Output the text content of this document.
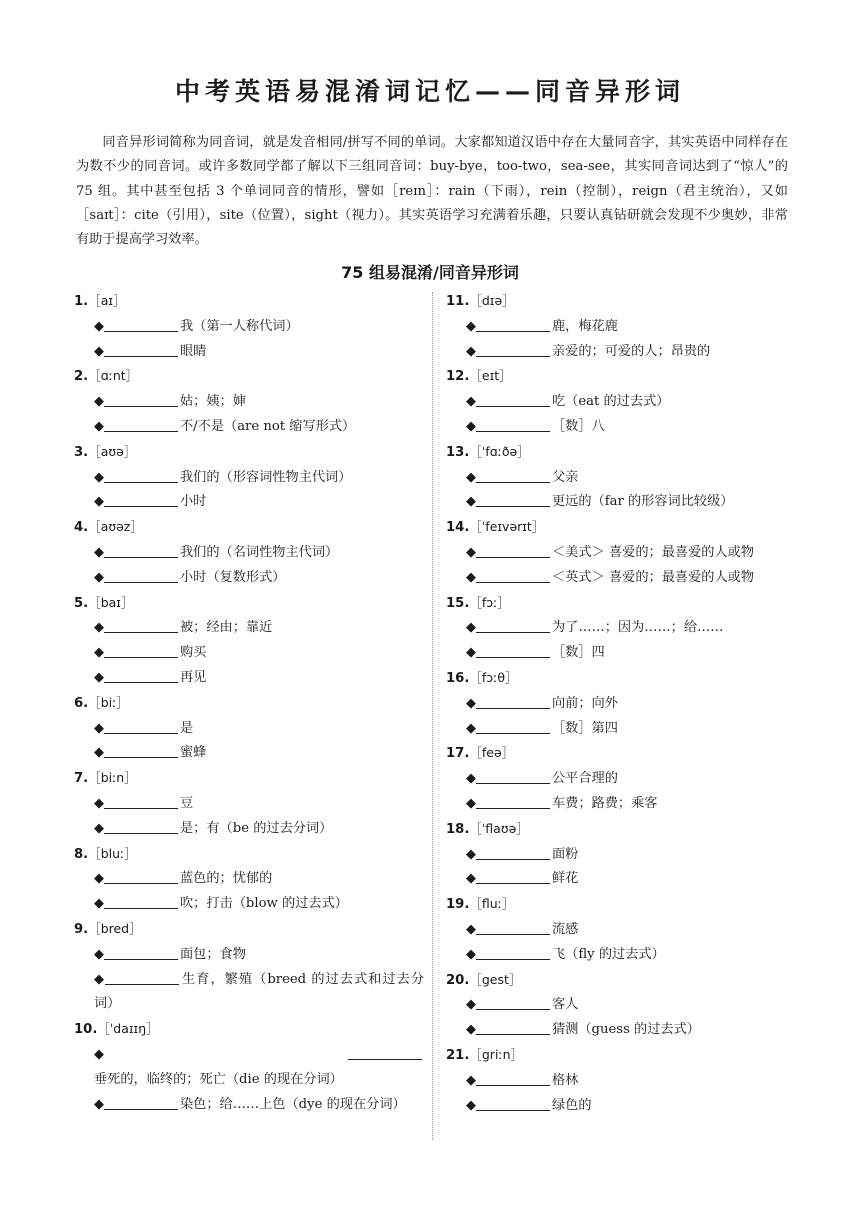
中考英语易混淆词记忆——同音异形词
同音异形词简称为同音词，就是发音相同/拼写不同的单词。大家都知道汉语中存在大量同音字，其实英语中同样存在为数不少的同音词。或许多数同学都了解以下三组同音词：buy-bye，too-two，sea-see，其实同音词达到了“惊人”的 75 组。其中甚至包括 3 个单词同音的情形，譬如［reɪn］：rain（下雨），rein（控制），reign（君主统治），又如［saɪt］：cite（引用），site（位置），sight（视力）。其实英语学习充满着乐趣，只要认真钻研就会发现不少奥妙，非常有助于提高学习效率。
75 组易混淆/同音异形词
1.［aɪ］
◆	我（第一人称代词）
◆	眼睛
2.［ɑːnt］
◆	姑；姨；婶
◆	不/不是（are not 缩写形式）
3.［aʊə］
◆	我们的（形容词性物主代词）
◆	小时
4.［aʊəz］
◆	我们的（名词性物主代词）
◆	小时（复数形式）
5.［baɪ］
◆	被；经由；靠近
◆	购买
◆	再见
6.［biː］
◆	是
◆	蜜蜂
7.［biːn］
◆	豆
◆	是；有（be 的过去分词）
8.［bluː］
◆	蓝色的；忧郁的
◆	吹；打击（blow 的过去式）
9.［bred］
◆	面包；食物
◆	生育，繁殖（breed 的过去式和过去分词）
10.［ˈdaɪɪŋ］
◆垂死的，临终的；死亡（die 的现在分词）
◆	染色；给……上色（dye 的现在分词）
11.［dɪə］
◆	鹿，梅花鹿
◆	亲爱的；可爱的人；昂贵的
12.［eɪt］
◆	吃（eat 的过去式）
◆	［数］八
13.［ˈfɑːðə］
◆	父亲
◆	更远的（far 的形容词比较级）
14.［ˈfeɪvərɪt］
◆	＜美式＞ 喜爱的；最喜爱的人或物
◆	＜英式＞ 喜爱的；最喜爱的人或物
15.［fɔː］
◆	为了……；因为……；给……
◆	［数］四
16.［fɔːθ］
◆	向前；向外
◆	［数］第四
17.［feə］
◆	公平合理的
◆	车费；路费；乘客
18.［ˈflaʊə］
◆	面粉
◆	鲜花
19.［fluː］
◆	流感
◆	飞（fly 的过去式）
20.［gest］
◆	客人
◆	猜测（guess 的过去式）
21.［griːn］
◆	格林
◆	绿色的
